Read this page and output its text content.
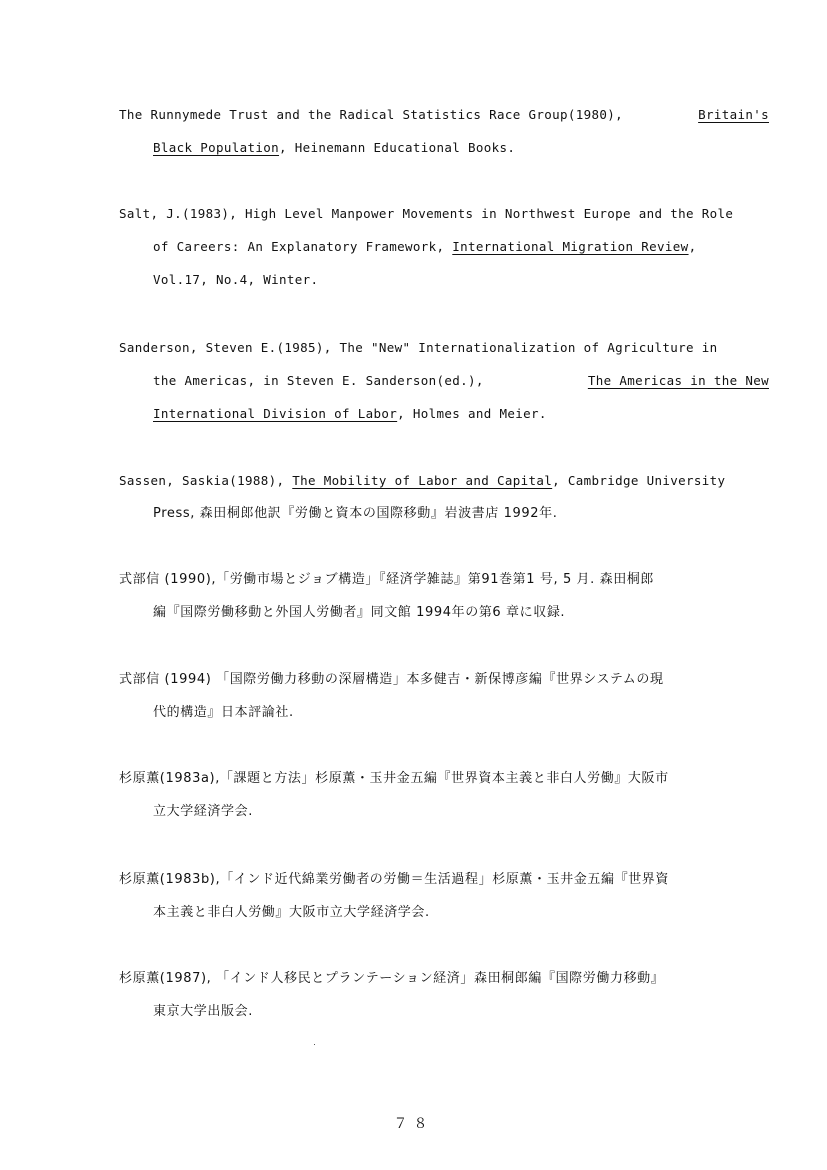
The Runnymede Trust and the Radical Statistics Race Group(1980),	Britain's
Black Population, Heinemann Educational Books.
Salt, J.(1983), High Level Manpower Movements in Northwest Europe and the Role
of Careers: An Explanatory Framework, International Migration Review,
Vol.17, No.4, Winter.
Sanderson, Steven E.(1985), The "New" Internationalization of Agriculture in
the Americas, in Steven E. Sanderson(ed.),	The Americas in the New
International Division of Labor, Holmes and Meier.
Sassen, Saskia(1988), The Mobility of Labor and Capital, Cambridge University
Press, 森田桐郎他訳『労働と資本の国際移動』岩波書店 1992年.
式部信 (1990),「労働市場とジョブ構造」『経済学雑誌』第91巻第1 号, 5 月. 森田桐郎
編『国際労働移動と外国人労働者』同文館 1994年の第6 章に収録.
式部信 (1994) 「国際労働力移動の深層構造」本多健吉・新保博彦編『世界システムの現
代的構造』日本評論社.
杉原薫(1983a),「課題と方法」杉原薫・玉井金五編『世界資本主義と非白人労働』大阪市
立大学経済学会.
杉原薫(1983b),「インド近代綿業労働者の労働＝生活過程」杉原薫・玉井金五編『世界資
本主義と非白人労働』大阪市立大学経済学会.
杉原薫(1987), 「インド人移民とプランテーション経済」森田桐郎編『国際労働力移動』
東京大学出版会.
７８
